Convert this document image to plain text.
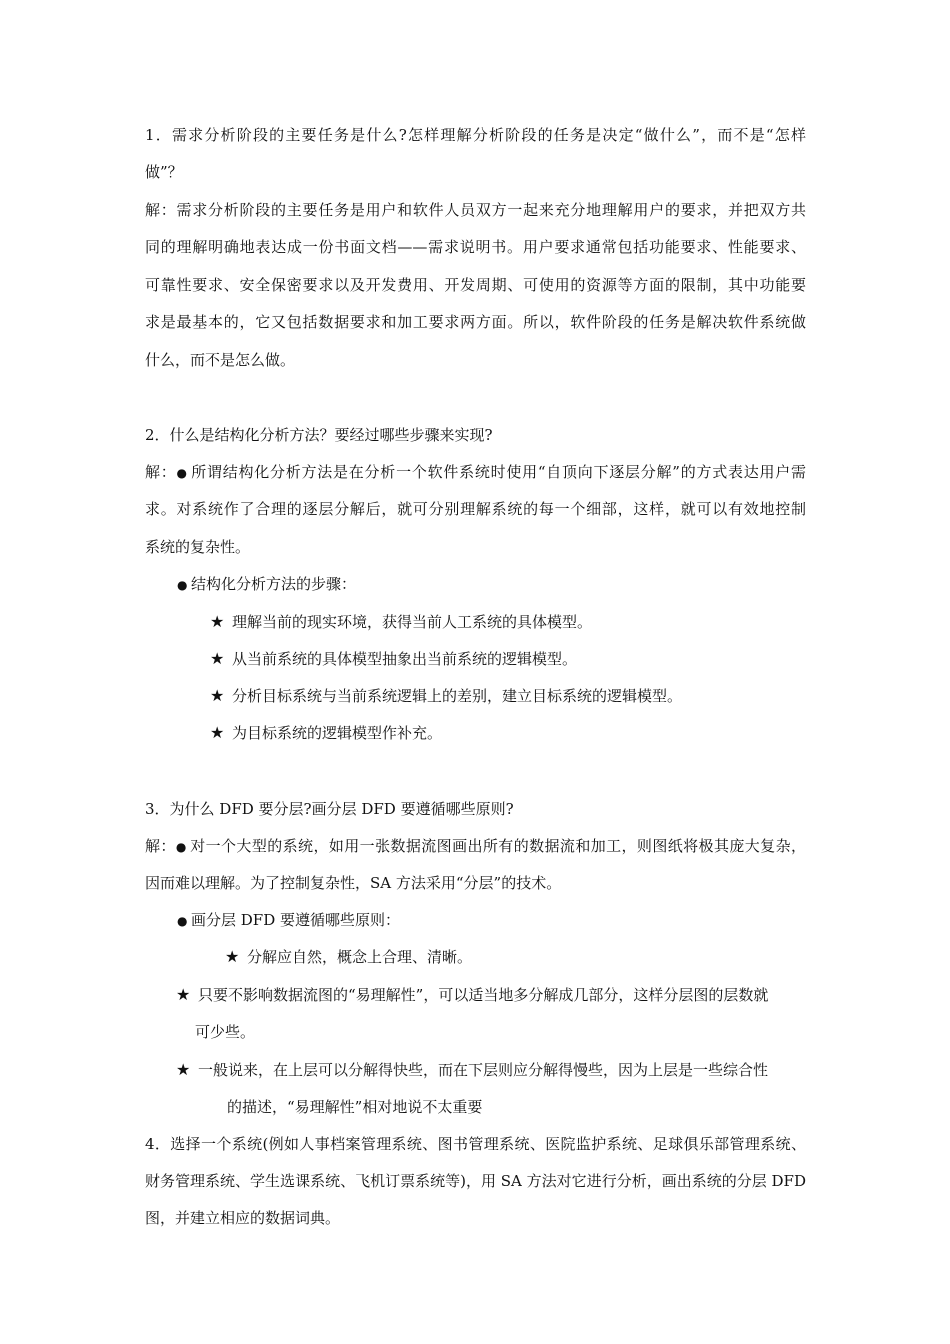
1．需求分析阶段的主要任务是什么?怎样理解分析阶段的任务是决定“做什么”，而不是“怎样
做”？
解：需求分析阶段的主要任务是用户和软件人员双方一起来充分地理解用户的要求，并把双方共
同的理解明确地表达成一份书面文档——需求说明书。用户要求通常包括功能要求、性能要求、
可靠性要求、安全保密要求以及开发费用、开发周期、可使用的资源等方面的限制，其中功能要
求是最基本的，它又包括数据要求和加工要求两方面。所以，软件阶段的任务是解决软件系统做
什么，而不是怎么做。
2．什么是结构化分析方法？要经过哪些步骤来实现?
解：● 所谓结构化分析方法是在分析一个软件系统时使用“自顶向下逐层分解”的方式表达用户需
求。对系统作了合理的逐层分解后，就可分别理解系统的每一个细部，这样，就可以有效地控制
系统的复杂性。
● 结构化分析方法的步骤：
★ 理解当前的现实环境，获得当前人工系统的具体模型。
★ 从当前系统的具体模型抽象出当前系统的逻辑模型。
★ 分析目标系统与当前系统逻辑上的差别，建立目标系统的逻辑模型。
★ 为目标系统的逻辑模型作补充。
3．为什么 DFD 要分层?画分层 DFD 要遵循哪些原则?
解：● 对一个大型的系统，如用一张数据流图画出所有的数据流和加工，则图纸将极其庞大复杂，
因而难以理解。为了控制复杂性，SA 方法采用“分层”的技术。
● 画分层 DFD 要遵循哪些原则：
★ 分解应自然，概念上合理、清晰。
★ 只要不影响数据流图的“易理解性”，可以适当地多分解成几部分，这样分层图的层数就
可少些。
★ 一般说来，在上层可以分解得快些，而在下层则应分解得慢些，因为上层是一些综合性
的描述，“易理解性”相对地说不太重要
4．选择一个系统(例如人事档案管理系统、图书管理系统、医院监护系统、足球俱乐部管理系统、
财务管理系统、学生选课系统、飞机订票系统等)，用 SA 方法对它进行分析，画出系统的分层 DFD
图，并建立相应的数据词典。
